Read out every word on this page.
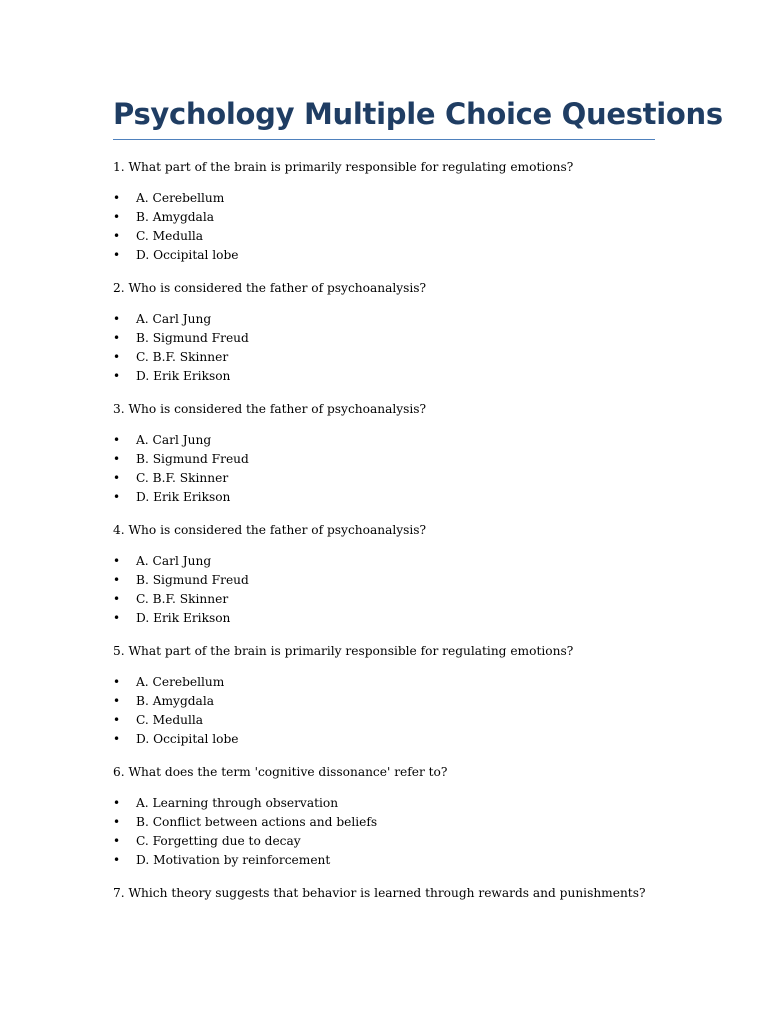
Psychology Multiple Choice Questions

1. What part of the brain is primarily responsible for regulating emotions?

• A. Cerebellum
• B. Amygdala
• C. Medulla
• D. Occipital lobe

2. Who is considered the father of psychoanalysis?

• A. Carl Jung
• B. Sigmund Freud
• C. B.F. Skinner
• D. Erik Erikson

3. Who is considered the father of psychoanalysis?

• A. Carl Jung
• B. Sigmund Freud
• C. B.F. Skinner
• D. Erik Erikson

4. Who is considered the father of psychoanalysis?

• A. Carl Jung
• B. Sigmund Freud
• C. B.F. Skinner
• D. Erik Erikson

5. What part of the brain is primarily responsible for regulating emotions?

• A. Cerebellum
• B. Amygdala
• C. Medulla
• D. Occipital lobe

6. What does the term 'cognitive dissonance' refer to?

• A. Learning through observation
• B. Conflict between actions and beliefs
• C. Forgetting due to decay
• D. Motivation by reinforcement

7. Which theory suggests that behavior is learned through rewards and punishments?
